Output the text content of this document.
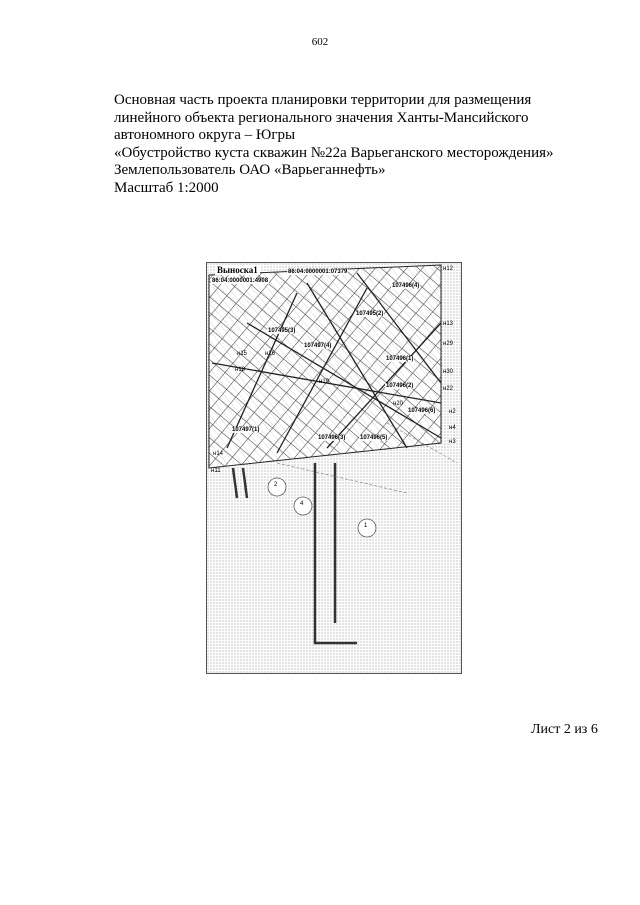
602
Основная часть проекта планировки территории для размещения
линейного объекта регионального значения Ханты-Мансийского
автономного округа – Югры
«Обустройство куста скважин №22а Варьеганского месторождения»
Землепользователь ОАО «Варьеганнефть»
Масштаб 1:2000
Выноска1
86:04:0000001:4908
86:04:0000001:07379
107496(4)
107495(2)
107495(3)
107497(4)
107496(1)
107496(2)
107496(6)
107497(1)
107496(3) 107496(5)
н12
н13
н29
н30
н22
н2
н3
н4
н11
н14
н15	н16
н18
н19
н20
1
2
4
Лист 2 из 6
